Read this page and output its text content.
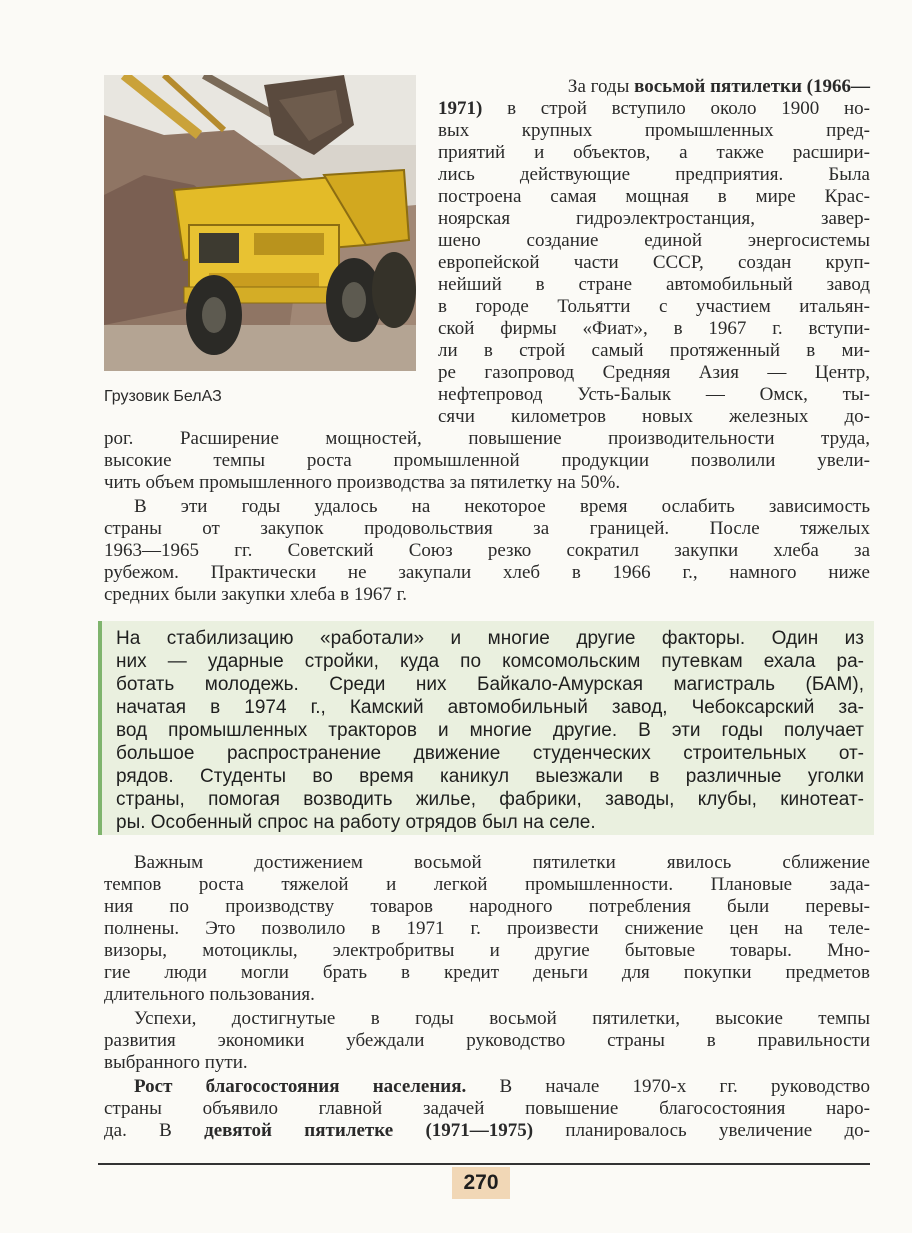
Грузовик БелАЗ
За годы восьмой пятилетки (1966—
1971) в строй вступило около 1900 но-
вых крупных промышленных пред-
приятий и объектов, а также расшири-
лись действующие предприятия. Была
построена самая мощная в мире Крас-
ноярская гидроэлектростанция, завер-
шено создание единой энергосистемы
европейской части СССР, создан круп-
нейший в стране автомобильный завод
в городе Тольятти с участием итальян-
ской фирмы «Фиат», в 1967 г. вступи-
ли в строй самый протяженный в ми-
ре газопровод Средняя Азия — Центр,
нефтепровод Усть-Балык — Омск, ты-
сячи километров новых железных до-
рог. Расширение мощностей, повышение производительности труда,
высокие темпы роста промышленной продукции позволили увели-
чить объем промышленного производства за пятилетку на 50%.
В эти годы удалось на некоторое время ослабить зависимость
страны от закупок продовольствия за границей. После тяжелых
1963—1965 гг. Советский Союз резко сократил закупки хлеба за
рубежом. Практически не закупали хлеб в 1966 г., намного ниже
средних были закупки хлеба в 1967 г.
На стабилизацию «работали» и многие другие факторы. Один из
них — ударные стройки, куда по комсомольским путевкам ехала ра-
ботать молодежь. Среди них Байкало-Амурская магистраль (БАМ),
начатая в 1974 г., Камский автомобильный завод, Чебоксарский за-
вод промышленных тракторов и многие другие. В эти годы получает
большое распространение движение студенческих строительных от-
рядов. Студенты во время каникул выезжали в различные уголки
страны, помогая возводить жилье, фабрики, заводы, клубы, кинотеат-
ры. Особенный спрос на работу отрядов был на селе.
Важным достижением восьмой пятилетки явилось сближение
темпов роста тяжелой и легкой промышленности. Плановые зада-
ния по производству товаров народного потребления были перевы-
полнены. Это позволило в 1971 г. произвести снижение цен на теле-
визоры, мотоциклы, электробритвы и другие бытовые товары. Мно-
гие люди могли брать в кредит деньги для покупки предметов
длительного пользования.
Успехи, достигнутые в годы восьмой пятилетки, высокие темпы
развития экономики убеждали руководство страны в правильности
выбранного пути.
Рост благосостояния населения. В начале 1970-х гг. руководство
страны объявило главной задачей повышение благосостояния наро-
да. В девятой пятилетке (1971—1975) планировалось увеличение до-
270
